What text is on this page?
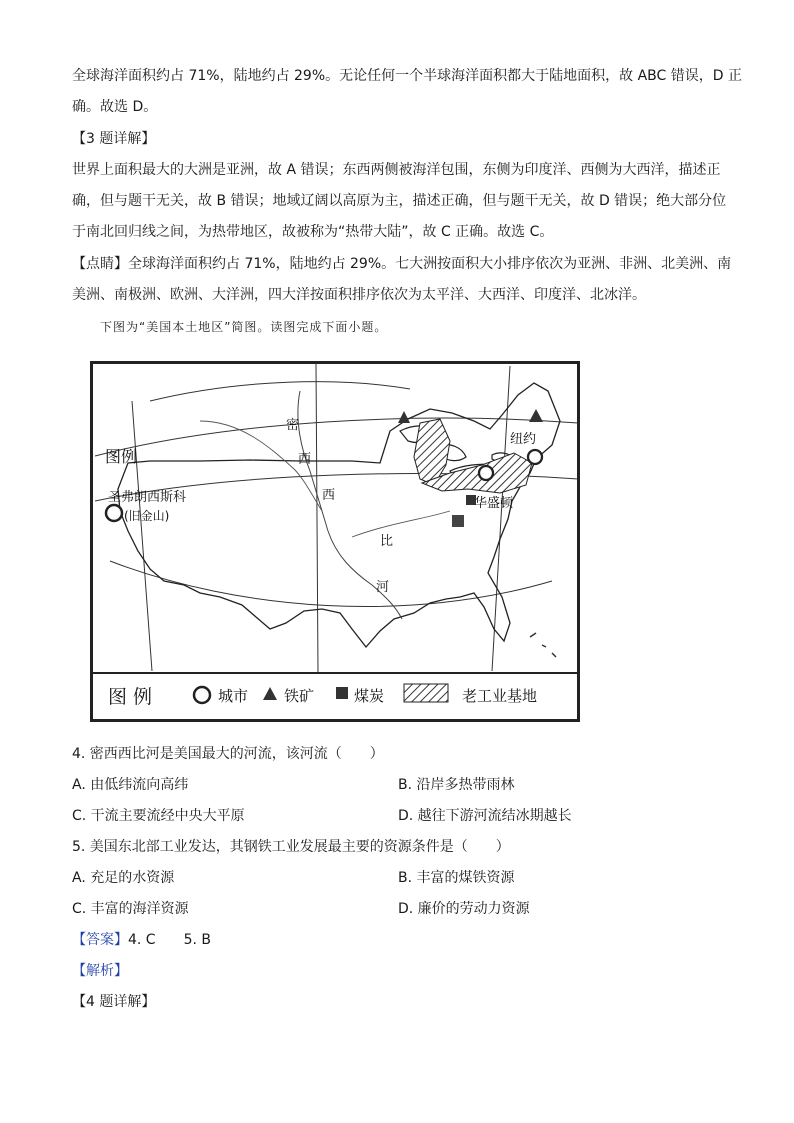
全球海洋面积约占 71%，陆地约占 29%。无论任何一个半球海洋面积都大于陆地面积，故 ABC 错误，D 正
确。故选 D。
【3 题详解】
世界上面积最大的大洲是亚洲，故 A 错误；东西两侧被海洋包围，东侧为印度洋、西侧为大西洋，描述正
确，但与题干无关，故 B 错误；地域辽阔以高原为主，描述正确，但与题干无关，故 D 错误；绝大部分位
于南北回归线之间，为热带地区，故被称为“热带大陆”，故 C 正确。故选 C。
【点睛】全球海洋面积约占 71%，陆地约占 29%。七大洲按面积大小排序依次为亚洲、非洲、北美洲、南
美洲、南极洲、欧洲、大洋洲，四大洋按面积排序依次为太平洋、大西洋、印度洋、北冰洋。
下图为“美国本土地区”简图。读图完成下面小题。
图例
圣弗朗西斯科
(旧金山)
纽约
华盛顿
密
西
西
比
河
图 例	城市 铁矿	煤炭	老工业基地
4. 密西西比河是美国最大的河流，该河流（　　）
A. 由低纬流向高纬	B. 沿岸多热带雨林
C. 干流主要流经中央大平原	D. 越往下游河流结冰期越长
5. 美国东北部工业发达，其钢铁工业发展最主要的资源条件是（　　）
A. 充足的水资源	B. 丰富的煤铁资源
C. 丰富的海洋资源	D. 廉价的劳动力资源
【答案】4. C　　5. B
【解析】
【4 题详解】
